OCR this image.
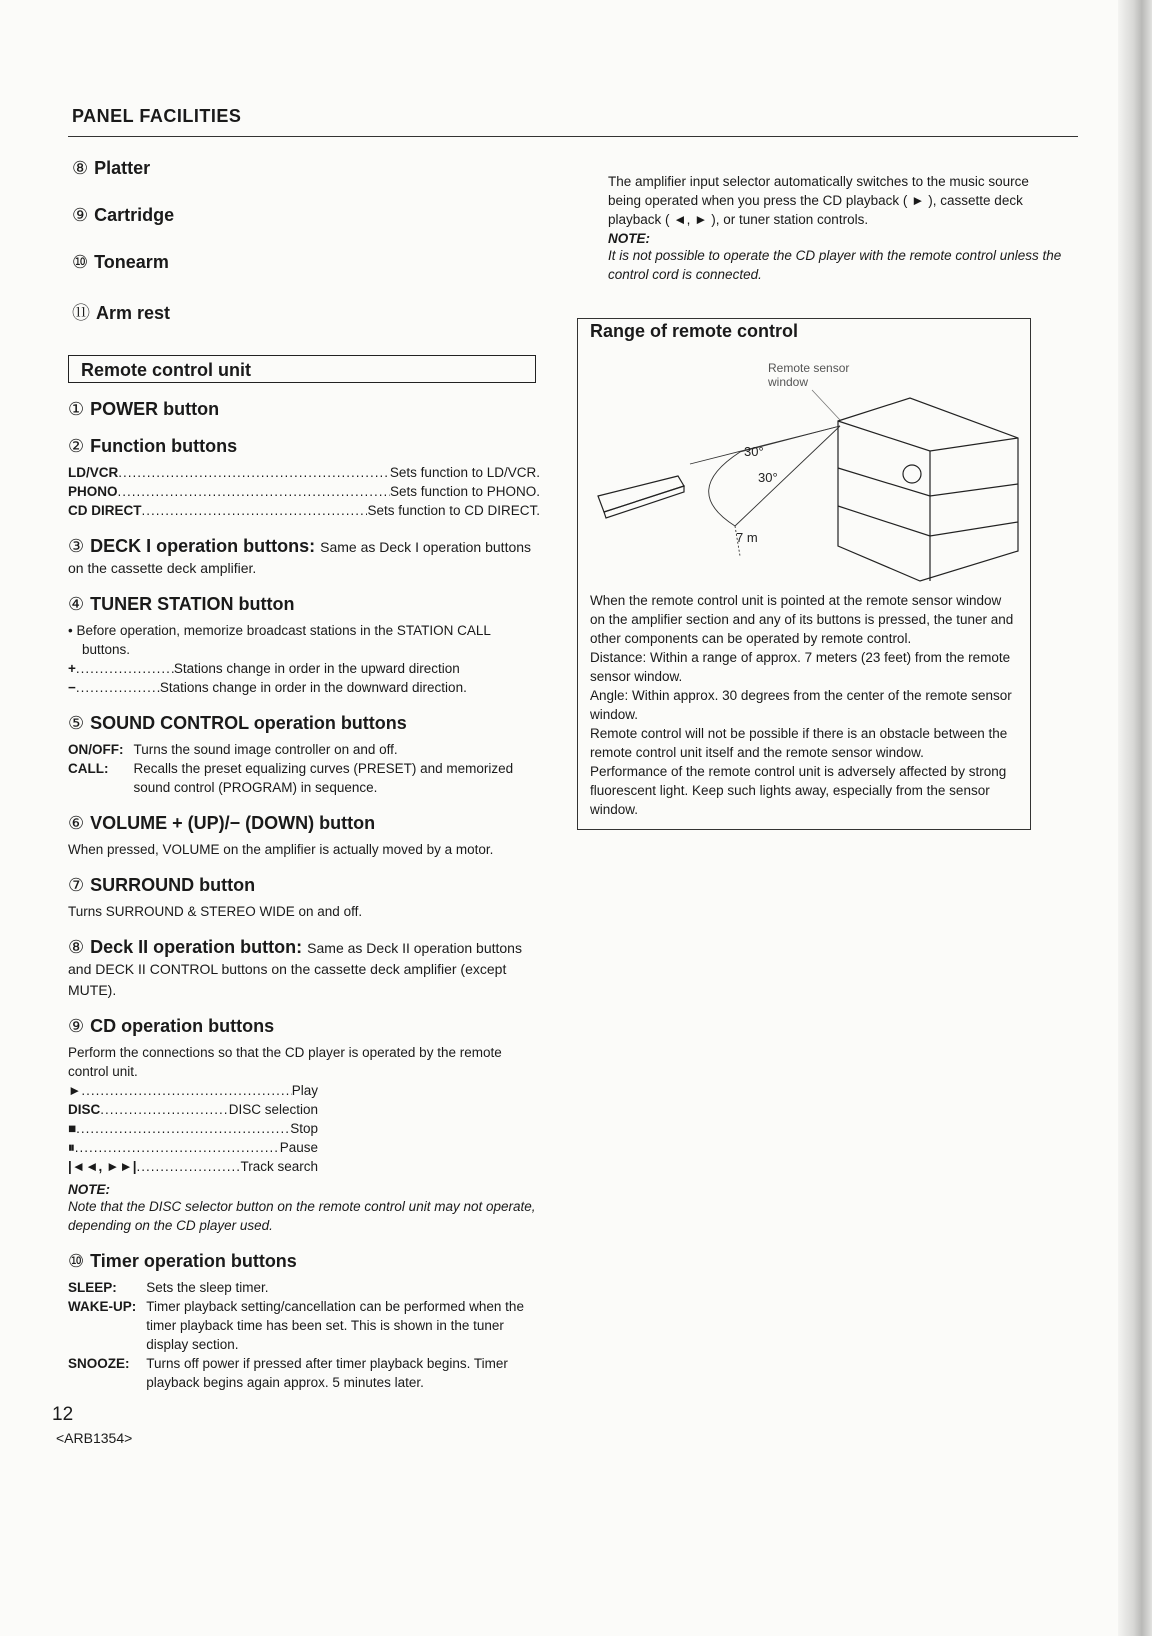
PANEL FACILITIES
⑧ Platter
⑨ Cartridge
⑩ Tonearm
⑪ Arm rest
Remote control unit
① POWER button
② Function buttons
LD/VCR .....	Sets function to LD/VCR.
PHONO .....	Sets function to PHONO.
CD DIRECT .....	Sets function to CD DIRECT.
③ DECK I operation buttons: Same as Deck I operation buttons on the cassette deck amplifier.
④ TUNER STATION button
• Before operation, memorize broadcast stations in the STATION CALL buttons.
+ .....	Stations change in order in the upward direction
− .....	Stations change in order in the downward direction.
⑤ SOUND CONTROL operation buttons
ON/OFF: Turns the sound image controller on and off.
CALL:	Recalls the preset equalizing curves (PRESET) and memorized sound control (PROGRAM) in sequence.
⑥ VOLUME + (UP)/− (DOWN) button
When pressed, VOLUME on the amplifier is actually moved by a motor.
⑦ SURROUND button
Turns SURROUND & STEREO WIDE on and off.
⑧ Deck II operation button: Same as Deck II operation buttons and DECK II CONTROL buttons on the cassette deck amplifier (except MUTE).
⑨ CD operation buttons
Perform the connections so that the CD player is operated by the remote control unit.
► .....	Play
DISC .....	DISC selection
■ .....	Stop
⏸ .....	Pause
|◄◄, ►►| .....	Track search
NOTE:
Note that the DISC selector button on the remote control unit may not operate, depending on the CD player used.
⑩ Timer operation buttons
SLEEP:	Sets the sleep timer.
WAKE-UP: Timer playback setting/cancellation can be performed when the timer playback time has been set. This is shown in the tuner display section.
SNOOZE:	Turns off power if pressed after timer playback begins. Timer playback begins again approx. 5 minutes later.
12
<ARB1354>
The amplifier input selector automatically switches to the music source being operated when you press the CD playback ( ► ), cassette deck playback ( ◄, ► ), or tuner station controls.
NOTE:
It is not possible to operate the CD player with the remote control unless the control cord is connected.
Range of remote control
Remote sensor
window
30°
30°
7 m

When the remote control unit is pointed at the remote sensor window on the amplifier section and any of its buttons is pressed, the tuner and other components can be operated by remote control.

Distance: Within a range of approx. 7 meters (23 feet) from the remote sensor window.

Angle: Within approx. 30 degrees from the center of the remote sensor window.

Remote control will not be possible if there is an obstacle between the remote control unit itself and the remote sensor window.

Performance of the remote control unit is adversely affected by strong fluorescent light. Keep such lights away, especially from the sensor window.
